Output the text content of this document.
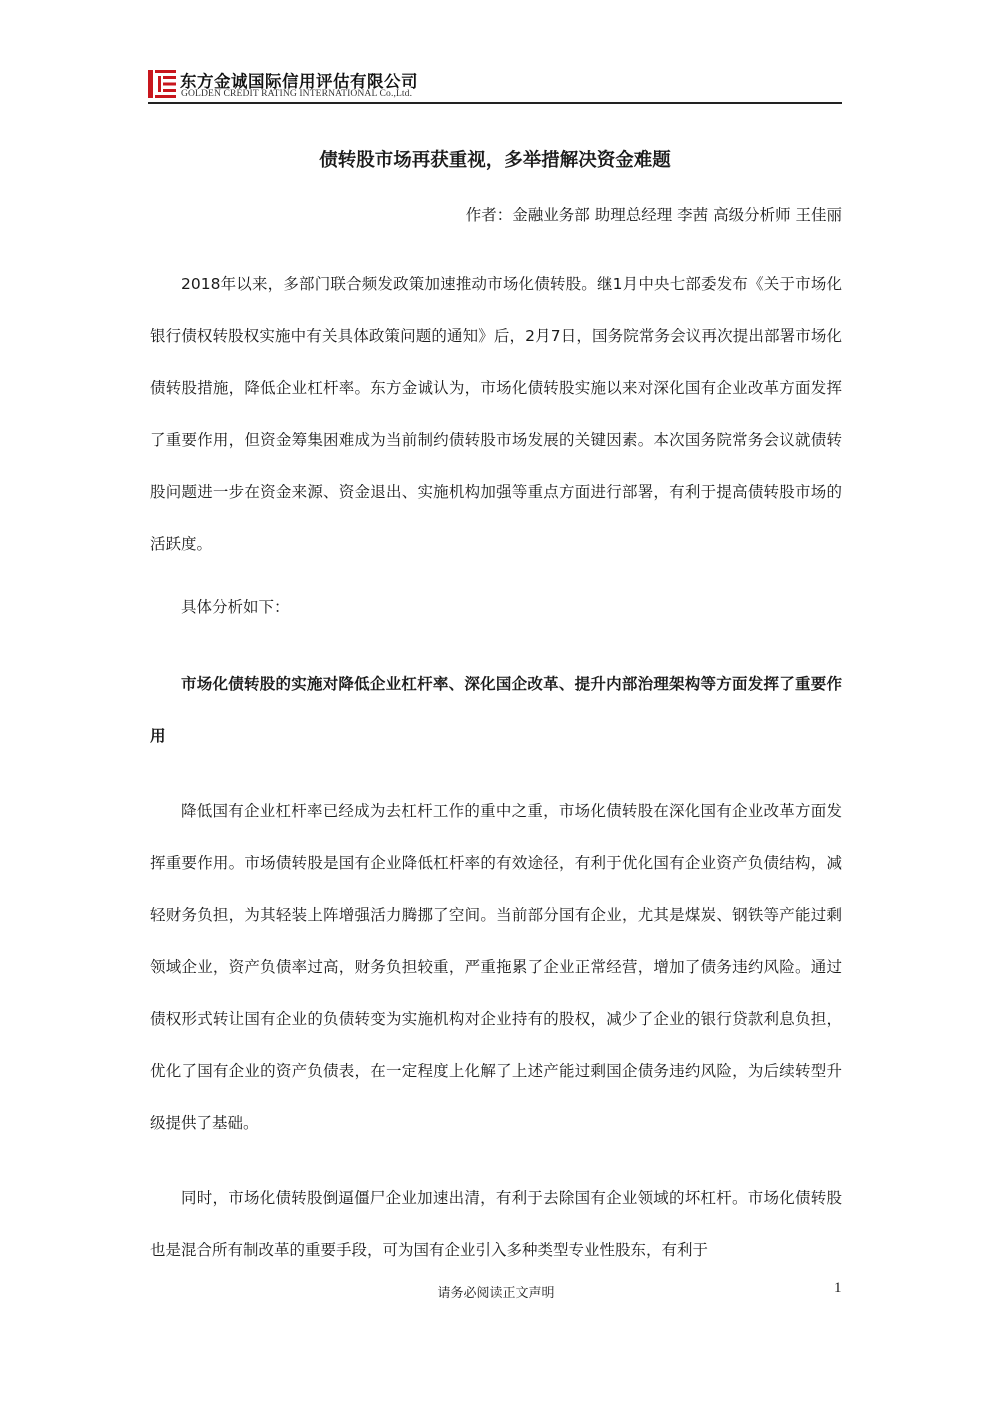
东方金诚国际信用评估有限公司
GOLDEN CREDIT RATING INTERNATIONAL Co.,Ltd.
债转股市场再获重视，多举措解决资金难题
作者：金融业务部 助理总经理 李茜 高级分析师 王佳丽

2018年以来，多部门联合频发政策加速推动市场化债转股。继1月中央七部委发布《关于市场化银行债权转股权实施中有关具体政策问题的通知》后，2月7日，国务院常务会议再次提出部署市场化债转股措施，降低企业杠杆率。东方金诚认为，市场化债转股实施以来对深化国有企业改革方面发挥了重要作用，但资金筹集困难成为当前制约债转股市场发展的关键因素。本次国务院常务会议就债转股问题进一步在资金来源、资金退出、实施机构加强等重点方面进行部署，有利于提高债转股市场的活跃度。

具体分析如下：

市场化债转股的实施对降低企业杠杆率、深化国企改革、提升内部治理架构等方面发挥了重要作用

降低国有企业杠杆率已经成为去杠杆工作的重中之重，市场化债转股在深化国有企业改革方面发挥重要作用。市场债转股是国有企业降低杠杆率的有效途径，有利于优化国有企业资产负债结构，减轻财务负担，为其轻装上阵增强活力腾挪了空间。当前部分国有企业，尤其是煤炭、钢铁等产能过剩领域企业，资产负债率过高，财务负担较重，严重拖累了企业正常经营，增加了债务违约风险。通过债权形式转让国有企业的负债转变为实施机构对企业持有的股权，减少了企业的银行贷款利息负担，优化了国有企业的资产负债表，在一定程度上化解了上述产能过剩国企债务违约风险，为后续转型升级提供了基础。

同时，市场化债转股倒逼僵尸企业加速出清，有利于去除国有企业领域的坏杠杆。市场化债转股也是混合所有制改革的重要手段，可为国有企业引入多种类型专业性股东，有利于

请务必阅读正文声明	1
